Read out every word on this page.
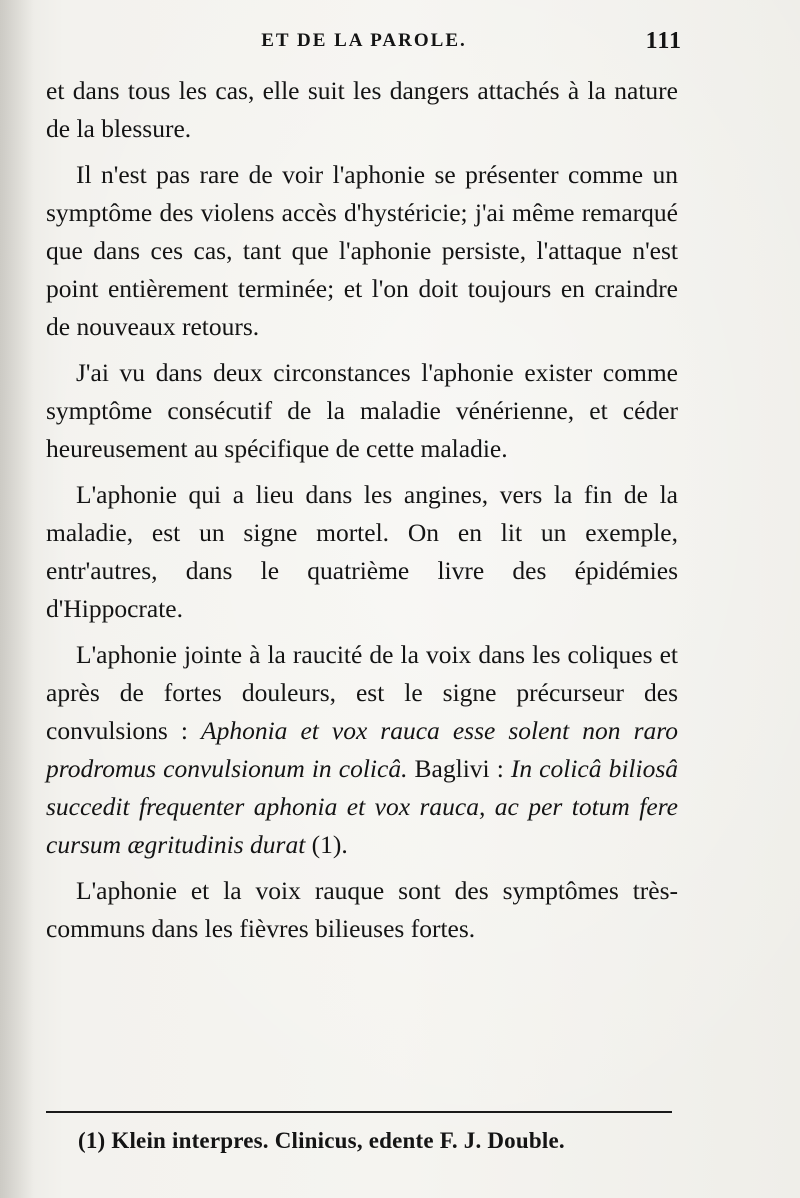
ET DE LA PAROLE.	111

et dans tous les cas, elle suit les dangers attachés à la nature de la blessure.

Il n'est pas rare de voir l'aphonie se présenter comme un symptôme des violens accès d'hystéricie; j'ai même remarqué que dans ces cas, tant que l'aphonie persiste, l'attaque n'est point entièrement terminée; et l'on doit toujours en craindre de nouveaux retours.

J'ai vu dans deux circonstances l'aphonie exister comme symptôme consécutif de la maladie vénérienne, et céder heureusement au spécifique de cette maladie.

L'aphonie qui a lieu dans les angines, vers la fin de la maladie, est un signe mortel. On en lit un exemple, entr'autres, dans le quatrième livre des épidémies d'Hippocrate.

L'aphonie jointe à la raucité de la voix dans les coliques et après de fortes douleurs, est le signe précurseur des convulsions : Aphonia et vox rauca esse solent non raro prodromus convulsionum in colicâ. Baglivi : In colicâ biliosâ succedit frequenter aphonia et vox rauca, ac per totum fere cursum ægritudinis durat (1).

L'aphonie et la voix rauque sont des symptômes très-communs dans les fièvres bilieuses fortes.

(1) Klein interpres. Clinicus, edente F. J. Double.
